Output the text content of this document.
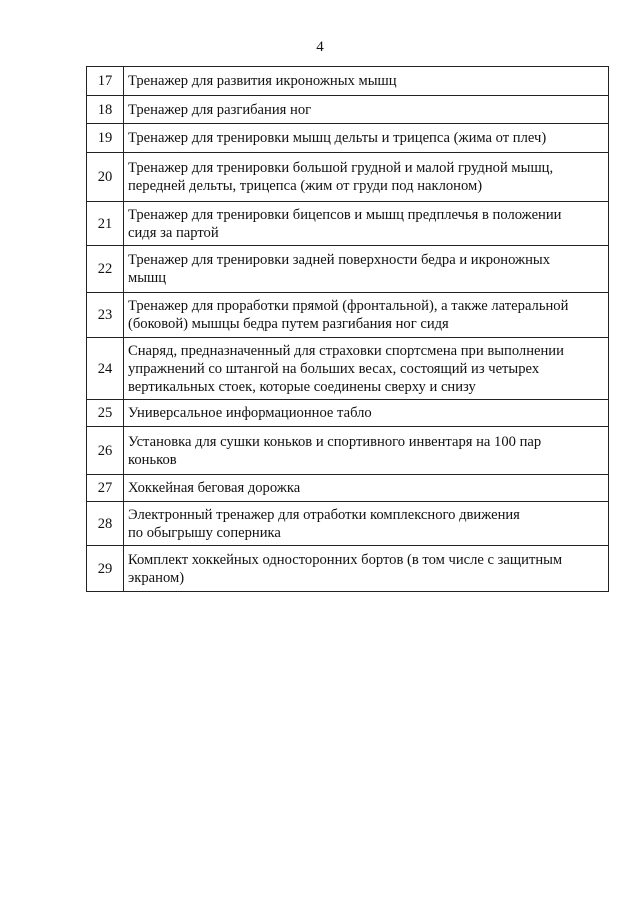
4
17	Тренажер для развития икроножных мышц

18	Тренажер для разгибания ног

19	Тренажер для тренировки мышц дельты и трицепса (жима от плеч)

20	Тренажер для тренировки большой грудной и малой грудной мышц,
передней дельты, трицепса (жим от груди под наклоном)

21	Тренажер для тренировки бицепсов и мышц предплечья в положении
сидя за партой

22	Тренажер для тренировки задней поверхности бедра и икроножных
мышц

23	Тренажер для проработки прямой (фронтальной), а также латеральной
(боковой) мышцы бедра путем разгибания ног сидя

24	Снаряд, предназначенный для страховки спортсмена при выполнении
упражнений со штангой на больших весах, состоящий из четырех
вертикальных стоек, которые соединены сверху и снизу

25	Универсальное информационное табло

26	Установка для сушки коньков и спортивного инвентаря на 100 пар
коньков

27	Хоккейная беговая дорожка

28	Электронный тренажер для отработки комплексного движения
по обыгрышу соперника

29	Комплект хоккейных односторонних бортов (в том числе с защитным
экраном)
